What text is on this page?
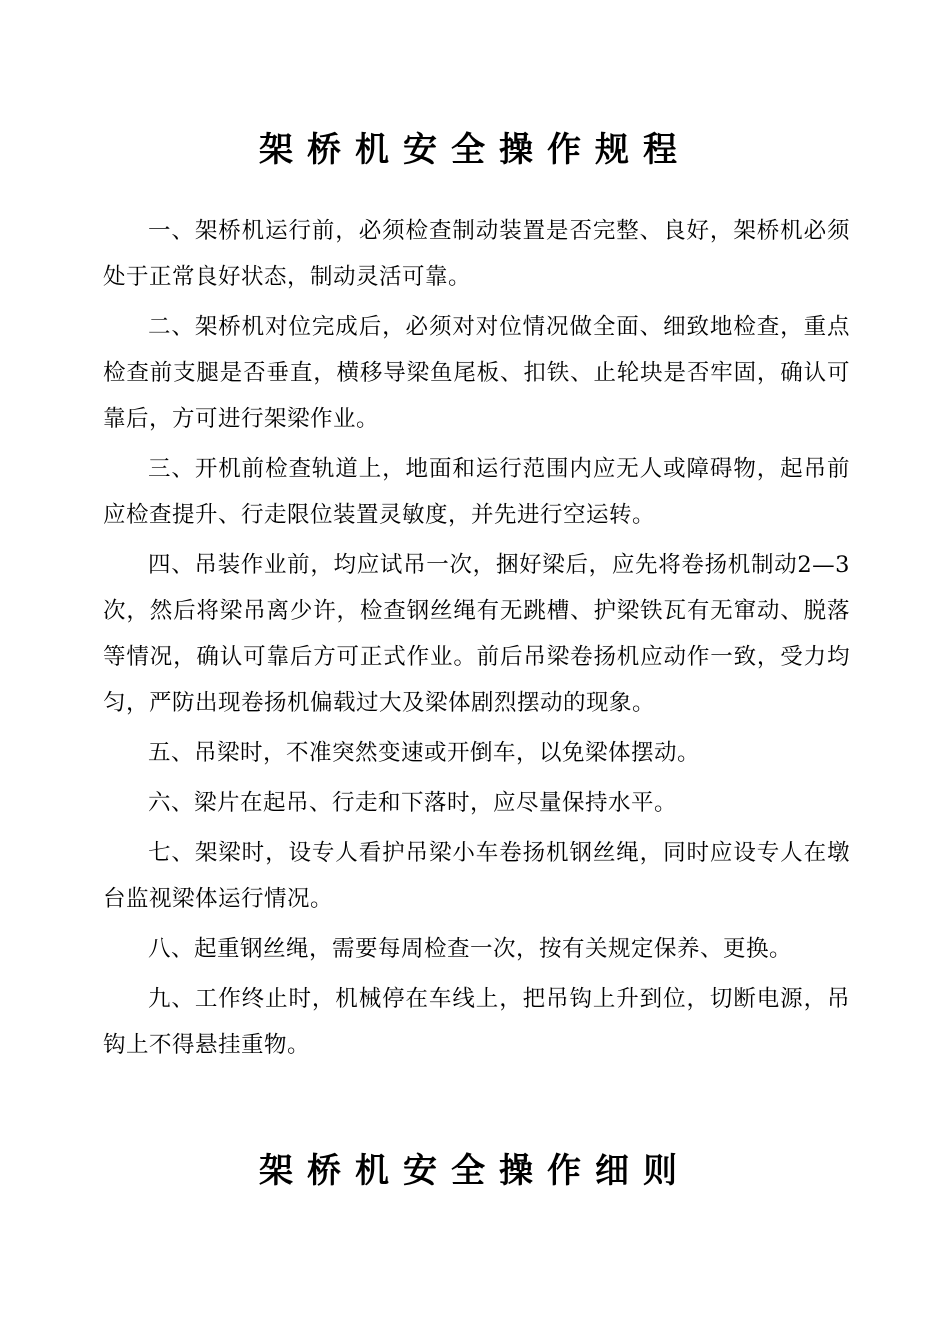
架桥机安全操作规程

一、架桥机运行前，必须检查制动装置是否完整、良好，架桥机必须处于正常良好状态，制动灵活可靠。

二、架桥机对位完成后，必须对对位情况做全面、细致地检查，重点检查前支腿是否垂直，横移导梁鱼尾板、扣铁、止轮块是否牢固，确认可靠后，方可进行架梁作业。

三、开机前检查轨道上，地面和运行范围内应无人或障碍物，起吊前应检查提升、行走限位装置灵敏度，并先进行空运转。

四、吊装作业前，均应试吊一次，捆好梁后，应先将卷扬机制动2—3次，然后将梁吊离少许，检查钢丝绳有无跳槽、护梁铁瓦有无窜动、脱落等情况，确认可靠后方可正式作业。前后吊梁卷扬机应动作一致，受力均匀，严防出现卷扬机偏载过大及梁体剧烈摆动的现象。

五、吊梁时，不准突然变速或开倒车，以免梁体摆动。

六、梁片在起吊、行走和下落时，应尽量保持水平。

七、架梁时，设专人看护吊梁小车卷扬机钢丝绳，同时应设专人在墩台监视梁体运行情况。

八、起重钢丝绳，需要每周检查一次，按有关规定保养、更换。

九、工作终止时，机械停在车线上，把吊钩上升到位，切断电源，吊钩上不得悬挂重物。

架桥机安全操作细则
